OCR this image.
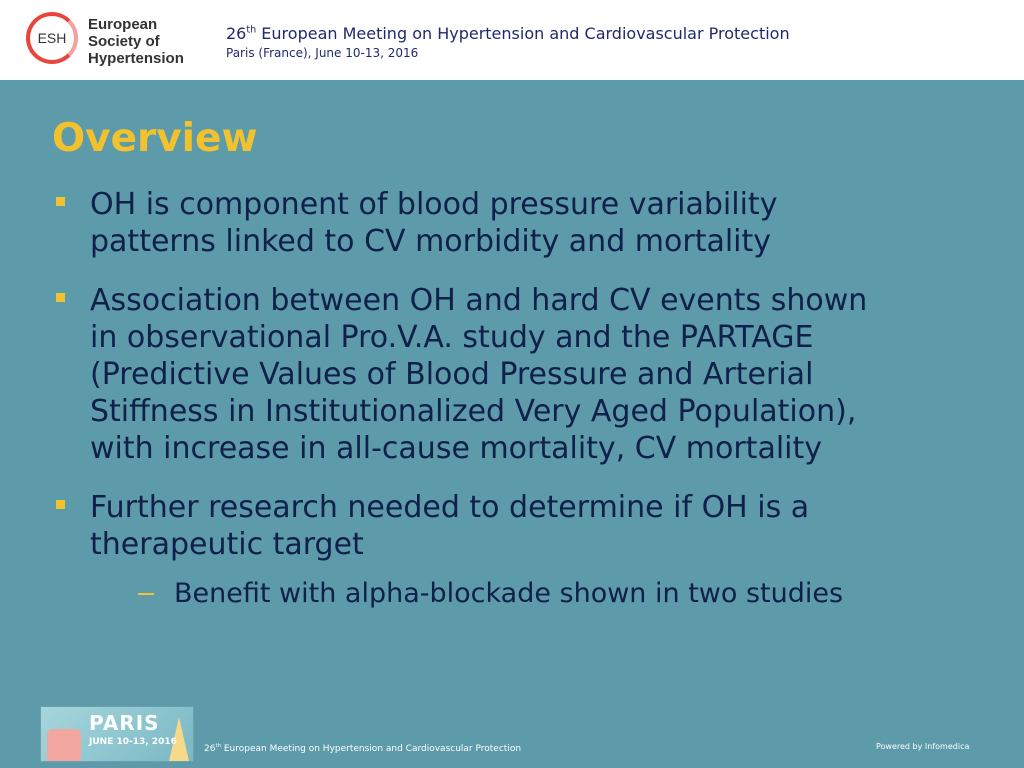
ESH
European
Society of
Hypertension
26th European Meeting on Hypertension and Cardiovascular Protection
Paris (France), June 10-13, 2016
Overview
OH is component of blood pressure variability
patterns linked to CV morbidity and mortality
Association between OH and hard CV events shown
in observational Pro.V.A. study and the PARTAGE
(Predictive Values of Blood Pressure and Arterial
Stiffness in Institutionalized Very Aged Population),
with increase in all-cause mortality, CV mortality
Further research needed to determine if OH is a
therapeutic target
Benefit with alpha-blockade shown in two studies
PARIS
JUNE 10-13, 2016
26th European Meeting on Hypertension and Cardiovascular Protection	Powered by Infomedica
